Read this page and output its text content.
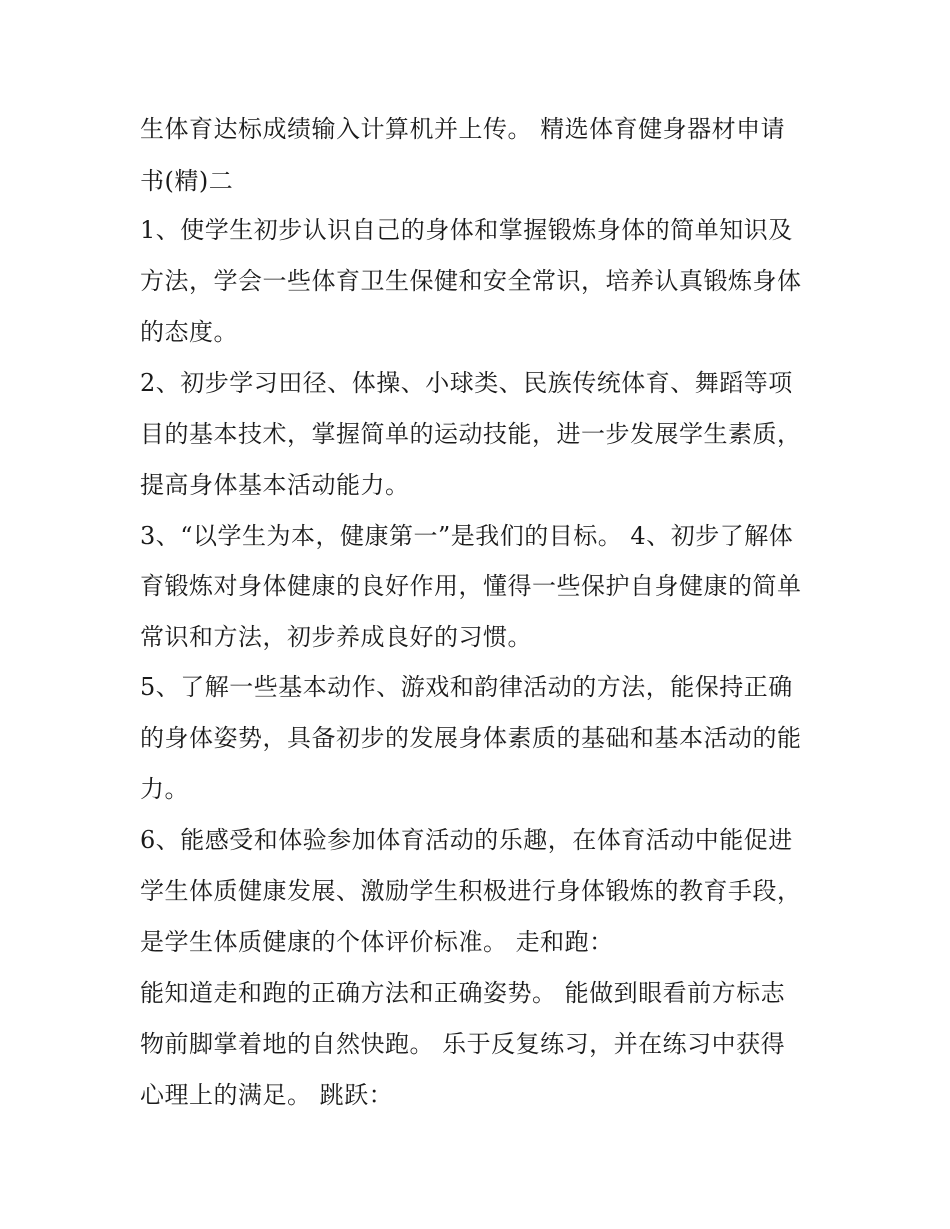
生体育达标成绩输入计算机并上传。 精选体育健身器材申请
书(精)二
1、使学生初步认识自己的身体和掌握锻炼身体的简单知识及
方法，学会一些体育卫生保健和安全常识，培养认真锻炼身体
的态度。
2、初步学习田径、体操、小球类、民族传统体育、舞蹈等项
目的基本技术，掌握简单的运动技能，进一步发展学生素质，
提高身体基本活动能力。
3、“以学生为本，健康第一”是我们的目标。 4、初步了解体
育锻炼对身体健康的良好作用，懂得一些保护自身健康的简单
常识和方法，初步养成良好的习惯。
5、了解一些基本动作、游戏和韵律活动的方法，能保持正确
的身体姿势，具备初步的发展身体素质的基础和基本活动的能
力。
6、能感受和体验参加体育活动的乐趣，在体育活动中能促进
学生体质健康发展、激励学生积极进行身体锻炼的教育手段，
是学生体质健康的个体评价标准。 走和跑：
能知道走和跑的正确方法和正确姿势。 能做到眼看前方标志
物前脚掌着地的自然快跑。 乐于反复练习，并在练习中获得
心理上的满足。 跳跃：
